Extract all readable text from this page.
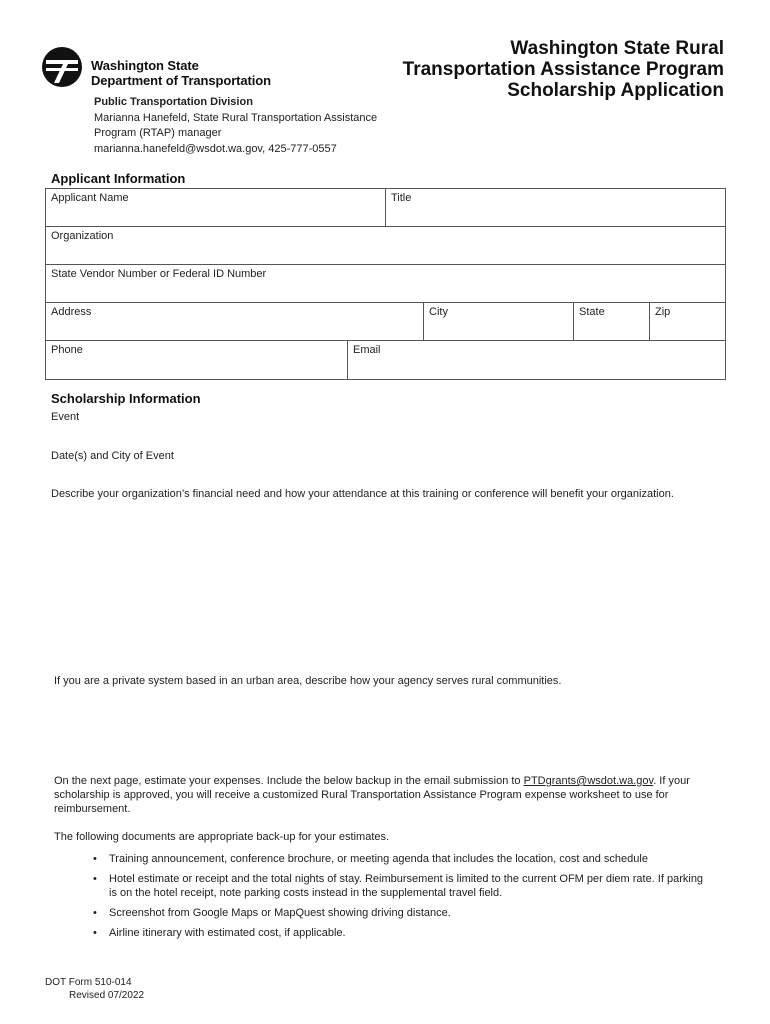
Washington State
Department of Transportation
Washington State Rural
Transportation Assistance Program
Scholarship Application
Public Transportation Division
Marianna Hanefeld, State Rural Transportation Assistance
Program (RTAP) manager
marianna.hanefeld@wsdot.wa.gov, 425-777-0557
Applicant Information
Applicant Name	Title
Organization
State Vendor Number or Federal ID Number
Address	City	State	Zip
Phone	Email
Scholarship Information
Event
Date(s) and City of Event
Describe your organization’s financial need and how your attendance at this training or conference will benefit your organization.
If you are a private system based in an urban area, describe how your agency serves rural communities.
On the next page, estimate your expenses. Include the below backup in the email submission to PTDgrants@wsdot.wa.gov. If your scholarship is approved, you will receive a customized Rural Transportation Assistance Program expense worksheet to use for reimbursement.
The following documents are appropriate back-up for your estimates.
• Training announcement, conference brochure, or meeting agenda that includes the location, cost and schedule
• Hotel estimate or receipt and the total nights of stay. Reimbursement is limited to the current OFM per diem rate. If parking is on the hotel receipt, note parking costs instead in the supplemental travel field.
• Screenshot from Google Maps or MapQuest showing driving distance.
• Airline itinerary with estimated cost, if applicable.
DOT Form 510-014
Revised 07/2022
